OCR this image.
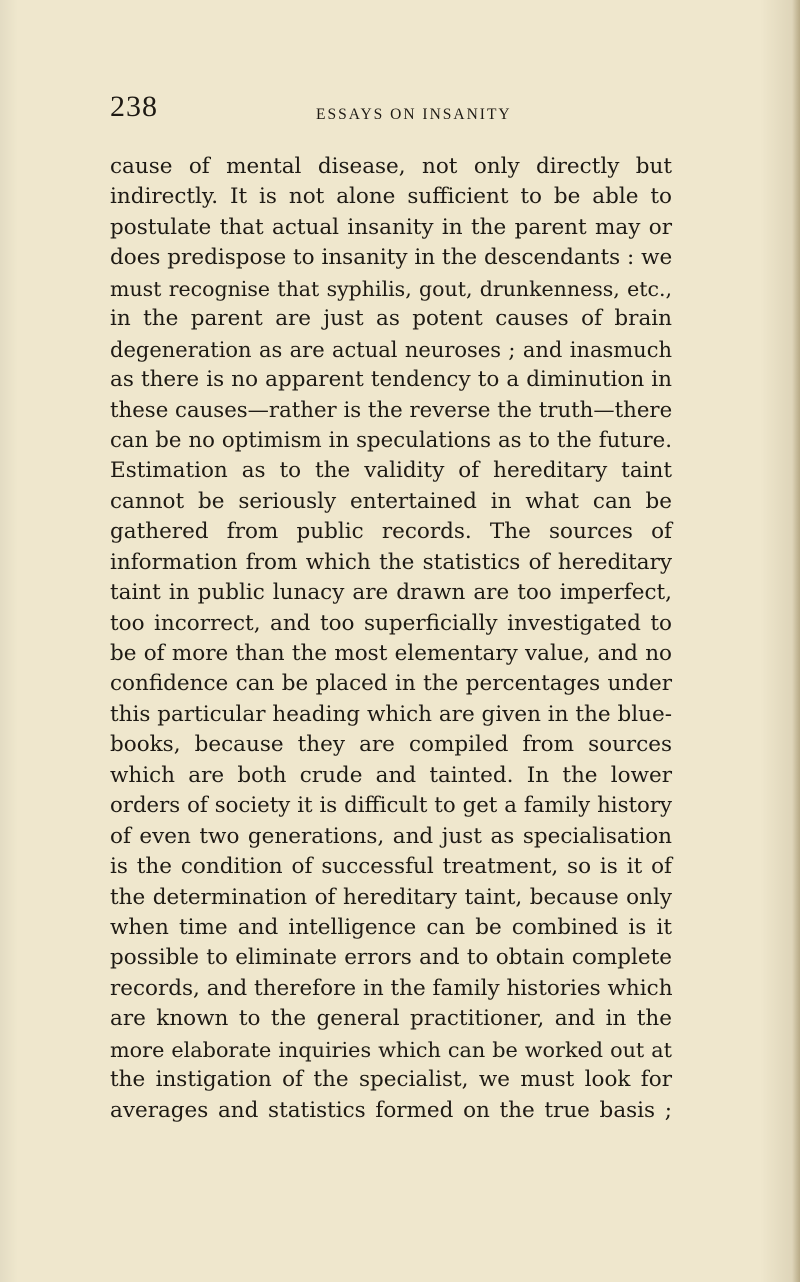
238	ESSAYS ON INSANITY
cause of mental disease, not only directly but
indirectly. It is not alone sufficient to be able to
postulate that actual insanity in the parent may or
does predispose to insanity in the descendants : we
must recognise that syphilis, gout, drunkenness, etc.,
in the parent are just as potent causes of brain
degeneration as are actual neuroses ; and inasmuch
as there is no apparent tendency to a diminution in
these causes—rather is the reverse the truth—there
can be no optimism in speculations as to the future.
Estimation as to the validity of hereditary taint
cannot be seriously entertained in what can be
gathered from public records. The sources of
information from which the statistics of hereditary
taint in public lunacy are drawn are too imperfect,
too incorrect, and too superficially investigated to
be of more than the most elementary value, and no
confidence can be placed in the percentages under
this particular heading which are given in the blue-
books, because they are compiled from sources
which are both crude and tainted. In the lower
orders of society it is difficult to get a family history
of even two generations, and just as specialisation
is the condition of successful treatment, so is it of
the determination of hereditary taint, because only
when time and intelligence can be combined is it
possible to eliminate errors and to obtain complete
records, and therefore in the family histories which
are known to the general practitioner, and in the
more elaborate inquiries which can be worked out at
the instigation of the specialist, we must look for
averages and statistics formed on the true basis ;
